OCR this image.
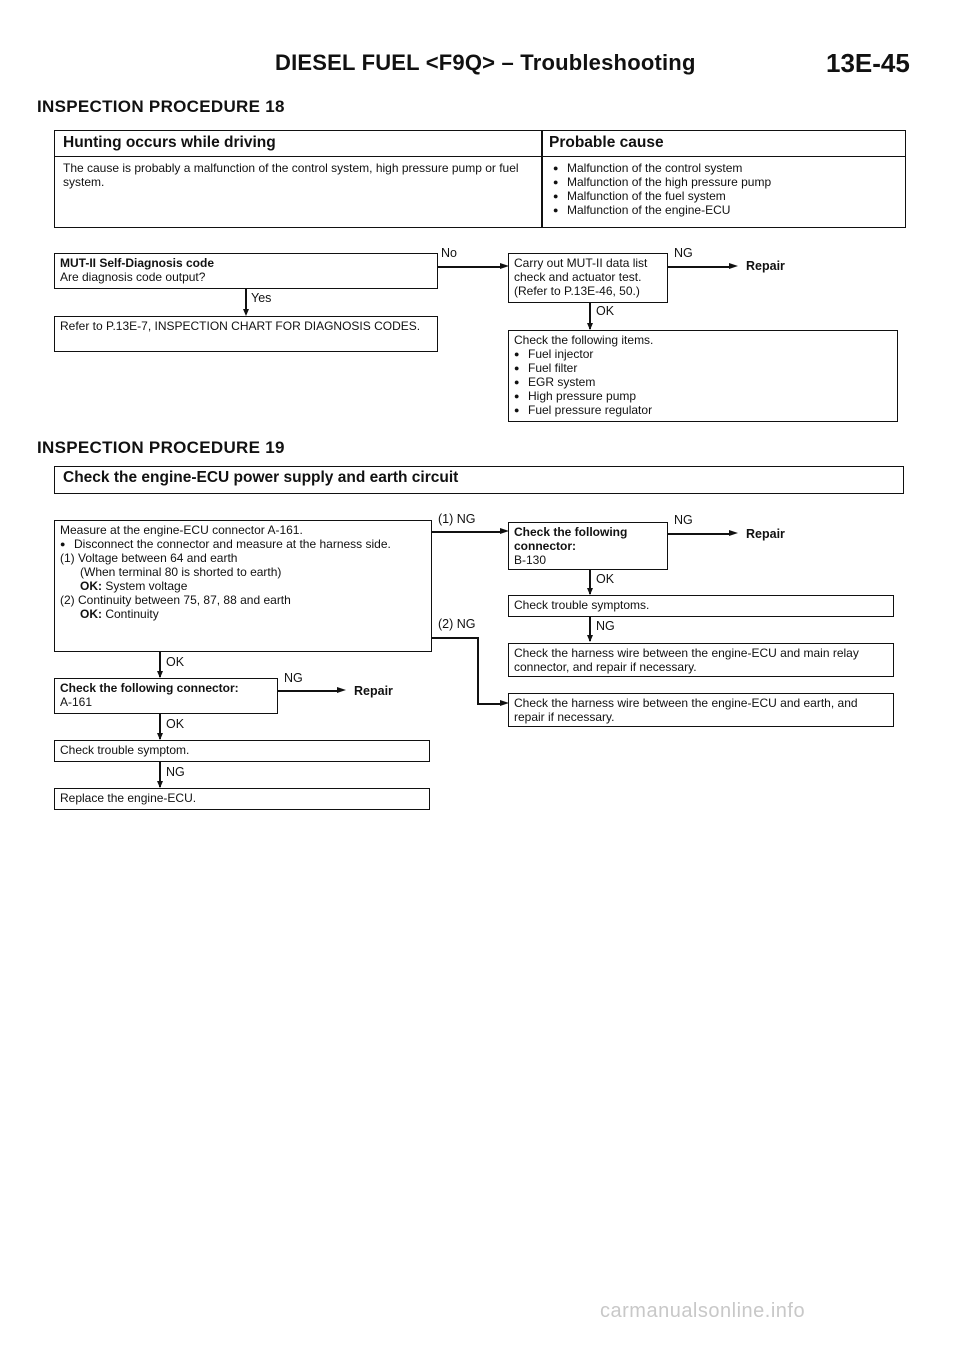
DIESEL FUEL <F9Q> – Troubleshooting	13E-45
INSPECTION PROCEDURE 18
Hunting occurs while driving	Probable cause
The cause is probably a malfunction of the control system, high pressure pump or fuel system.
● Malfunction of the control system
● Malfunction of the high pressure pump
● Malfunction of the fuel system
● Malfunction of the engine-ECU
MUT-II Self-Diagnosis code
Are diagnosis code output?
No
Yes
Refer to P.13E-7, INSPECTION CHART FOR DIAGNOSIS CODES.
Carry out MUT-II data list
check and actuator test.
(Refer to P.13E-46, 50.)
NG
Repair
OK
Check the following items.
● Fuel injector
● Fuel filter
● EGR system
● High pressure pump
● Fuel pressure regulator
INSPECTION PROCEDURE 19
Check the engine-ECU power supply and earth circuit
Measure at the engine-ECU connector A-161.
● Disconnect the connector and measure at the harness side.
(1) Voltage between 64 and earth
(When terminal 80 is shorted to earth)
OK: System voltage
(2) Continuity between 75, 87, 88 and earth
OK: Continuity
(1) NG
Check the following
connector:
B-130
NG
Repair
OK
Check trouble symptoms.
NG
Check the harness wire between the engine-ECU and main relay connector, and repair if necessary.
(2) NG
Check the harness wire between the engine-ECU and earth, and repair if necessary.
OK
Check the following connector:
A-161
NG
Repair
OK
Check trouble symptom.
NG
Replace the engine-ECU.
carmanualsonline.info
